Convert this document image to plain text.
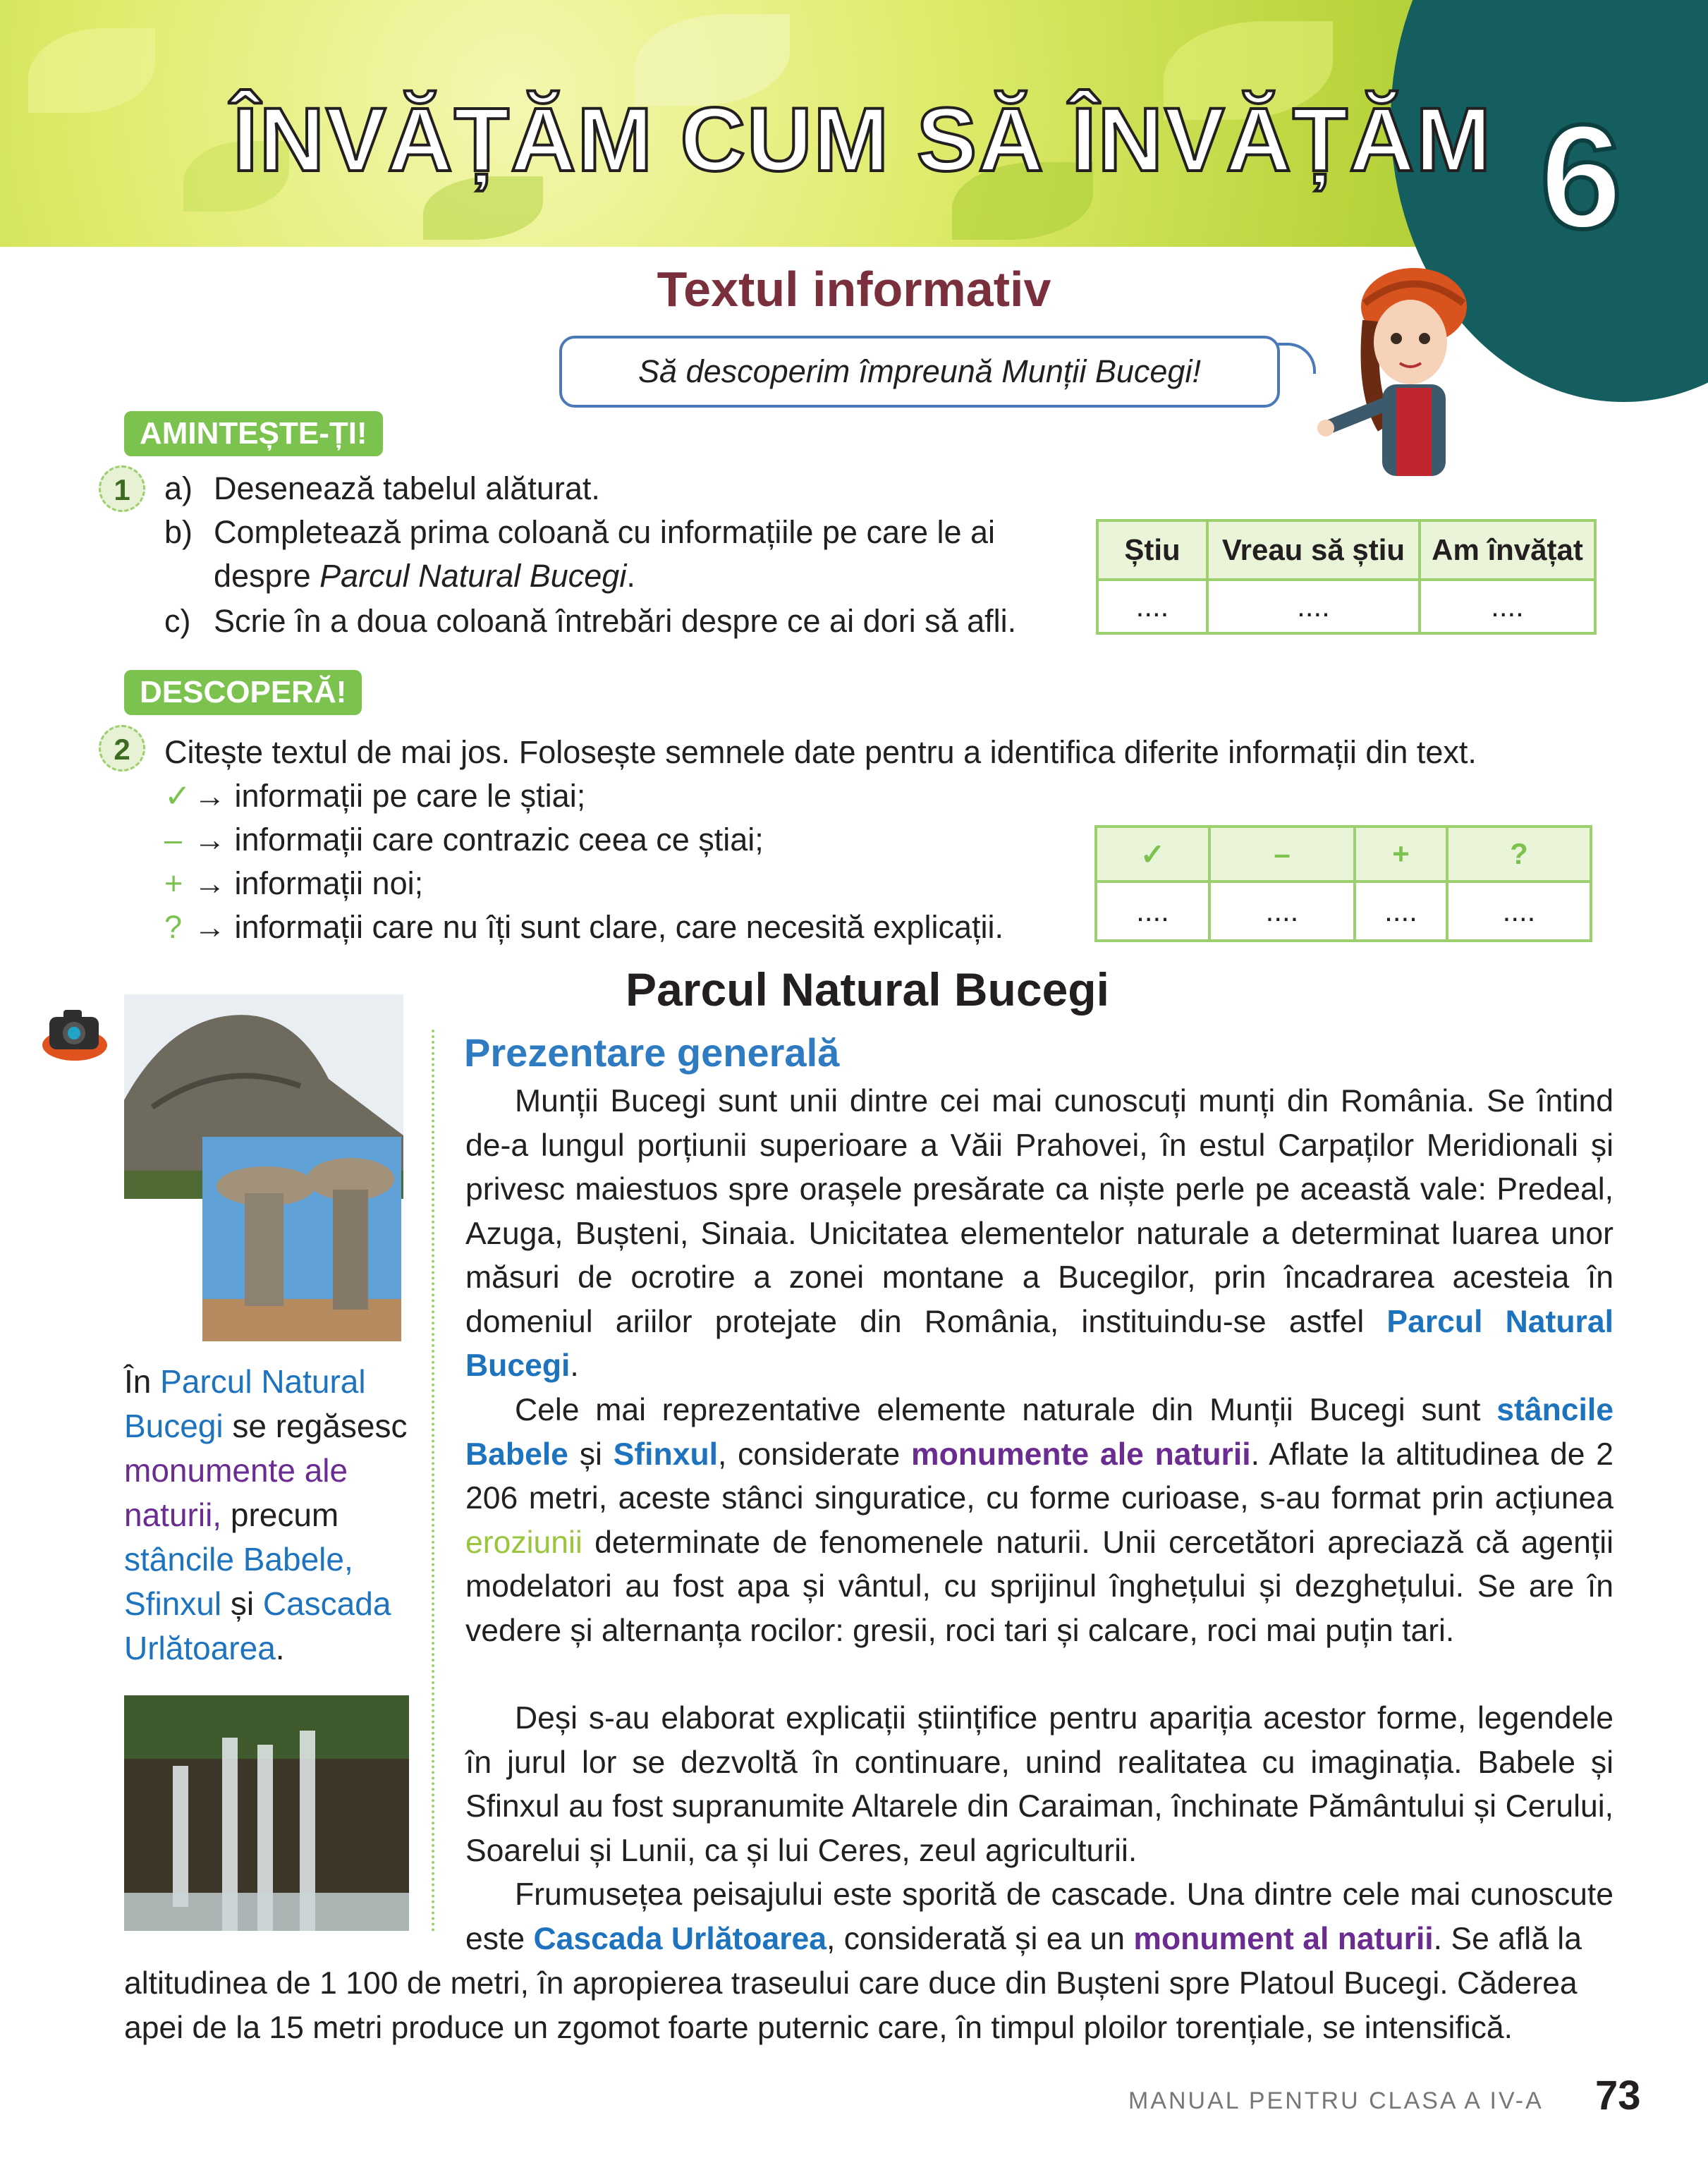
6
ÎNVĂȚĂM CUM SĂ ÎNVĂȚĂM
Textul informativ
Să descoperim împreună Munții Bucegi!
AMINTEȘTE-ȚI!
1	a) Desenează tabelul alăturat.
b) Completează prima coloană cu informațiile pe care le ai
despre Parcul Natural Bucegi.
c) Scrie în a doua coloană întrebări despre ce ai dori să afli.
Știu	Vreau să știu	Am învățat
....	....	....
DESCOPERĂ!
2	Citește textul de mai jos. Folosește semnele date pentru a identifica diferite informații din text.
✓ → informații pe care le știai;
– → informații care contrazic ceea ce știai;
+ → informații noi;
? → informații care nu îți sunt clare, care necesită explicații.
✓	–	+	?
....	....	....	....
Parcul Natural Bucegi
În Parcul Natural Bucegi se regăsesc monumente ale naturii, precum stâncile Babele, Sfinxul și Cascada Urlătoarea.
Prezentare generală

Munții Bucegi sunt unii dintre cei mai cunoscuți munți din România. Se întind de-a lungul porțiunii superioare a Văii Prahovei, în estul Carpaților Meridionali și privesc maiestuos spre orașele presărate ca niște perle pe această vale: Predeal, Azuga, Bușteni, Sinaia. Unicitatea elementelor naturale a determinat luarea unor măsuri de ocrotire a zonei montane a Bucegilor, prin încadrarea acesteia în domeniul ariilor protejate din România, instituindu-se astfel Parcul Natural Bucegi.

Cele mai reprezentative elemente naturale din Munții Bucegi sunt stâncile Babele și Sfinxul, considerate monumente ale naturii. Aflate la altitudinea de 2 206 metri, aceste stânci singuratice, cu forme curioase, s-au format prin acțiunea eroziunii determinate de fenomenele naturii. Unii cercetători apreciază că agenții modelatori au fost apa și vântul, cu sprijinul înghețului și dezghețului. Se are în vedere și alternanța rocilor: gresii, roci tari și calcare, roci mai puțin tari.

Deși s-au elaborat explicații științifice pentru apariția acestor forme, legendele în jurul lor se dezvoltă în continuare, unind realitatea cu imaginația. Babele și Sfinxul au fost supranumite Altarele din Caraiman, închinate Pământului și Cerului, Soarelui și Lunii, ca și lui Ceres, zeul agriculturii.

Frumusețea peisajului este sporită de cascade. Una dintre cele mai cunoscute este Cascada Urlătoarea, considerată și ea un monument al naturii. Se află la

altitudinea de 1 100 de metri, în apropierea traseului care duce din Bușteni spre Platoul Bucegi. Căderea
apei de la 15 metri produce un zgomot foarte puternic care, în timpul ploilor torențiale, se intensifică.
MANUAL PENTRU CLASA A IV-A 73
